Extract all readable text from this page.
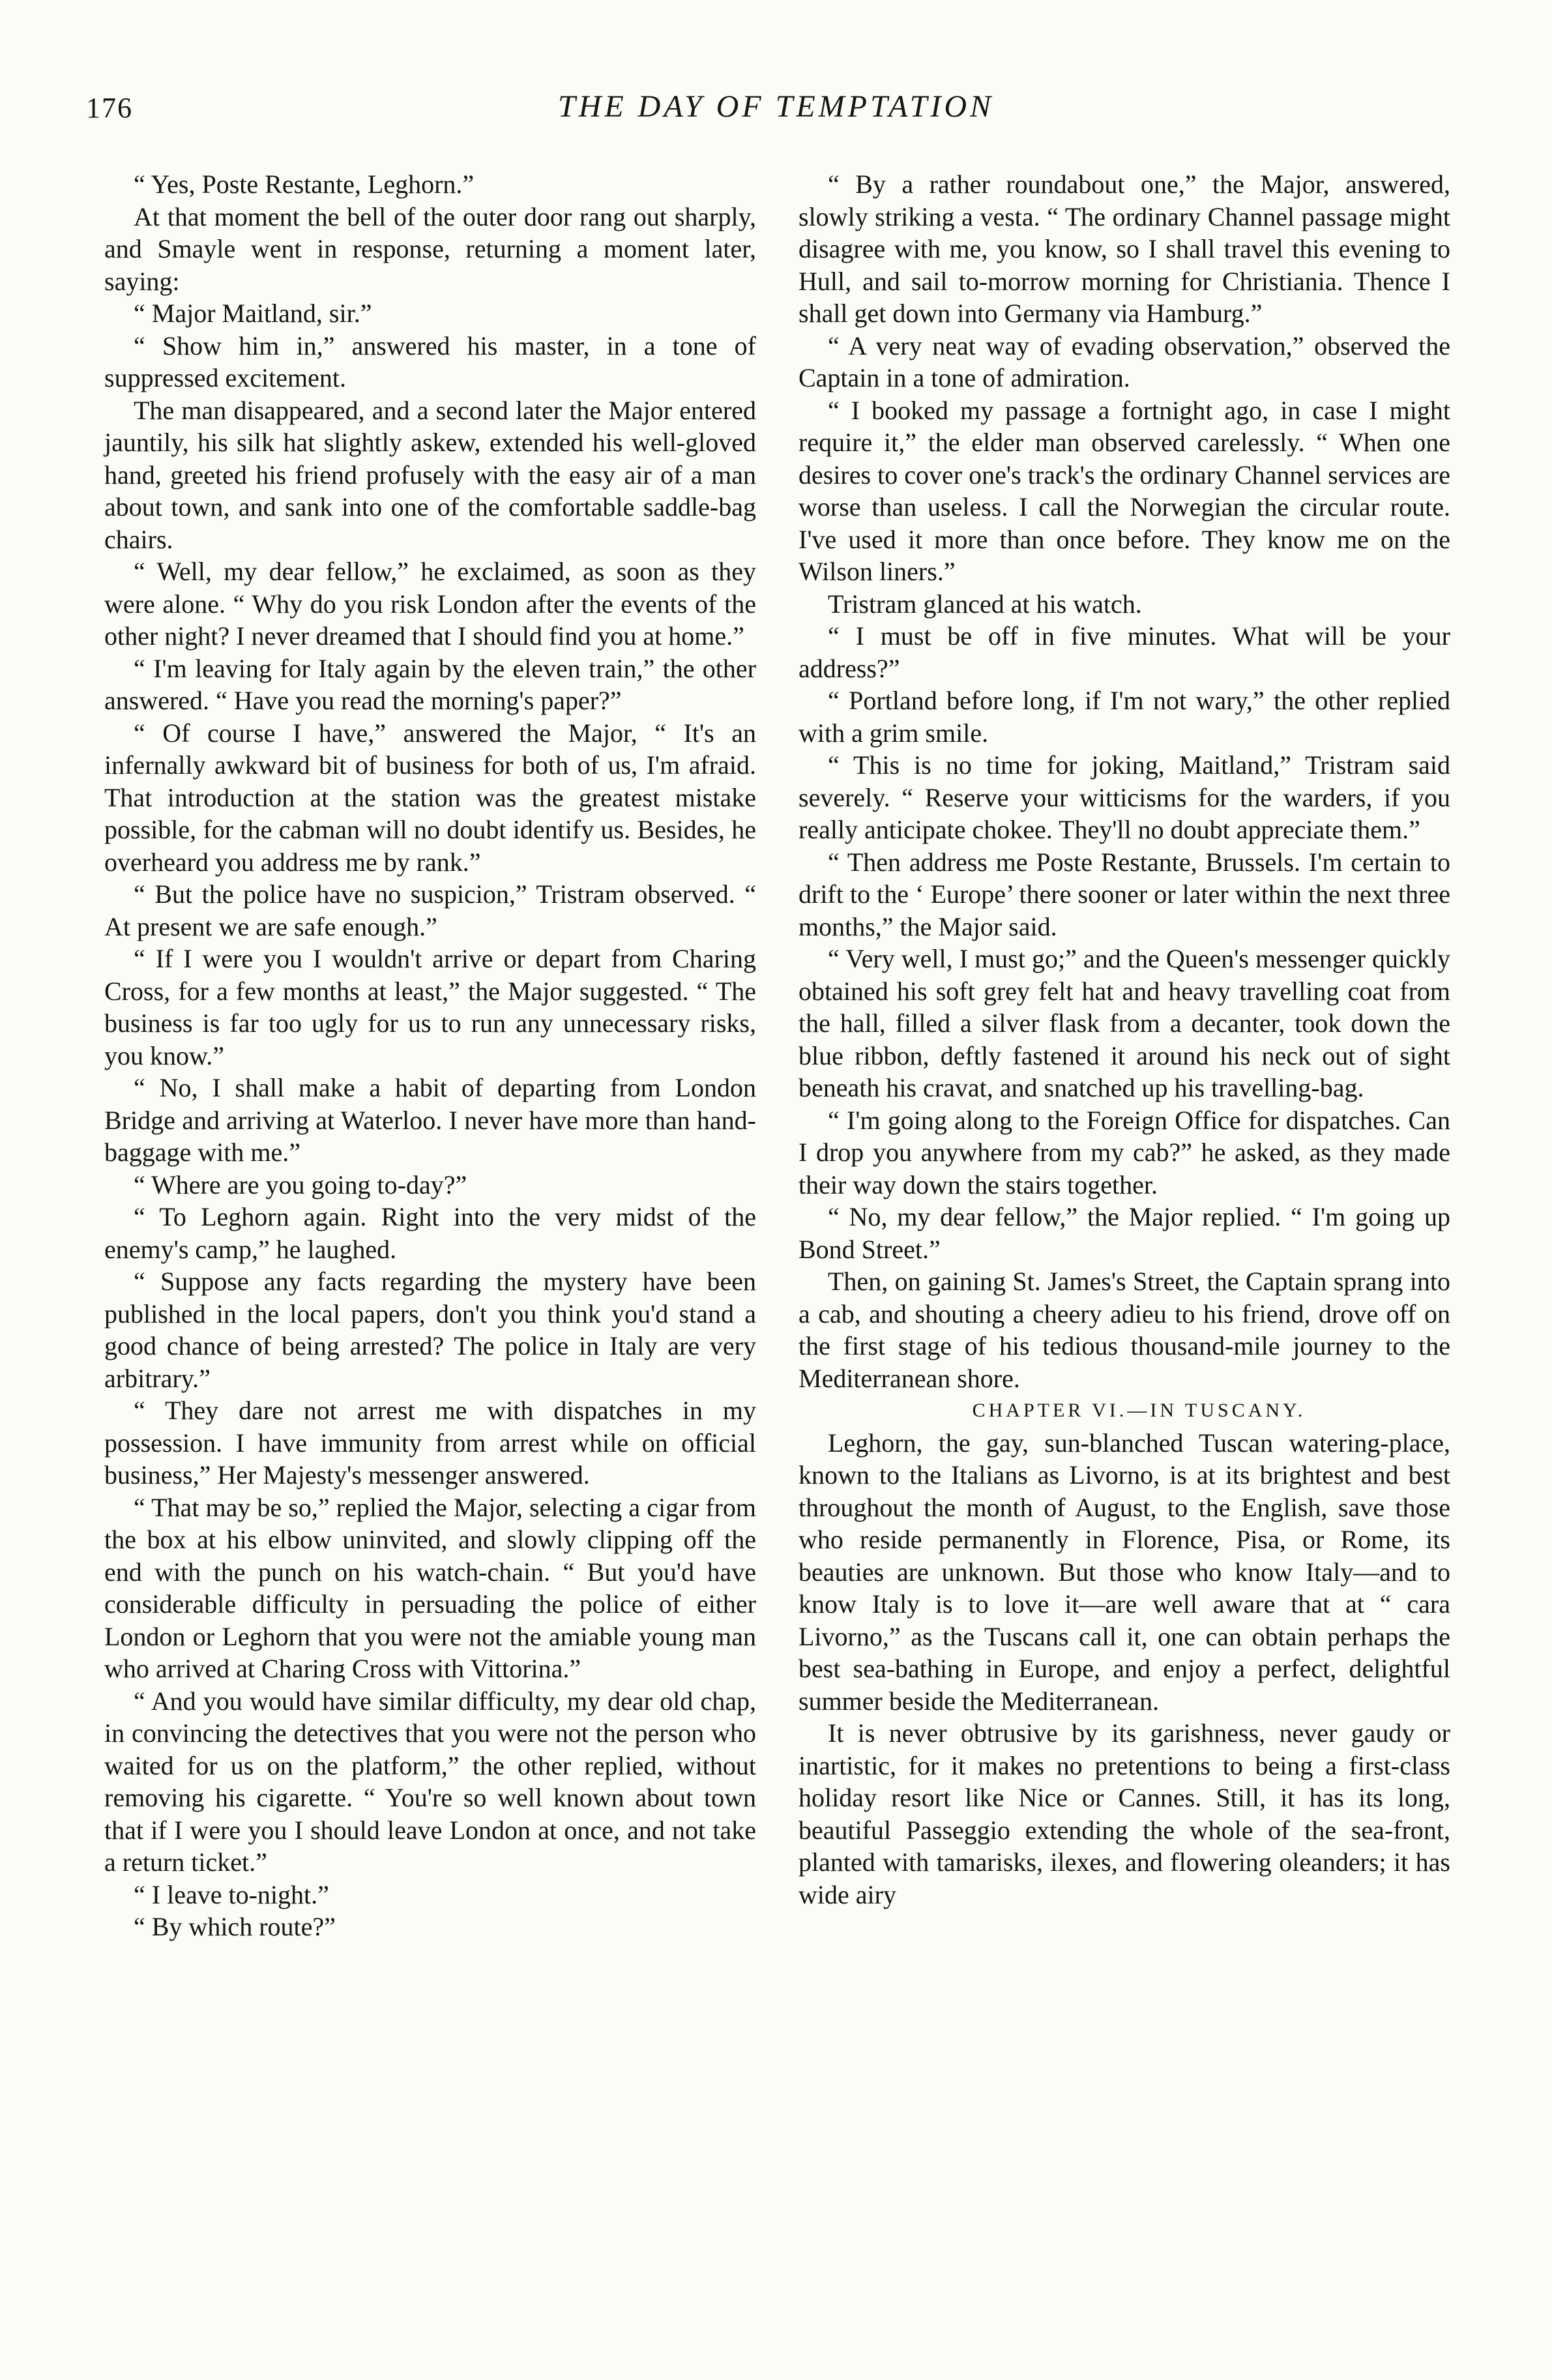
176	THE DAY OF TEMPTATION

“ Yes, Poste Restante, Leghorn.”

At that moment the bell of the outer door rang out sharply, and Smayle went in response, returning a moment later, saying:

“ Major Maitland, sir.”

“ Show him in,” answered his master, in a tone of suppressed excitement.

The man disappeared, and a second later the Major entered jauntily, his silk hat slightly askew, extended his well-gloved hand, greeted his friend profusely with the easy air of a man about town, and sank into one of the comfortable saddle-bag chairs.

“ Well, my dear fellow,” he exclaimed, as soon as they were alone. “ Why do you risk London after the events of the other night? I never dreamed that I should find you at home.”

“ I'm leaving for Italy again by the eleven train,” the other answered. “ Have you read the morning's paper?”

“ Of course I have,” answered the Major, “ It's an infernally awkward bit of business for both of us, I'm afraid. That introduction at the station was the greatest mistake possible, for the cabman will no doubt identify us. Besides, he overheard you address me by rank.”

“ But the police have no suspicion,” Tristram observed. “ At present we are safe enough.”

“ If I were you I wouldn't arrive or depart from Charing Cross, for a few months at least,” the Major suggested. “ The business is far too ugly for us to run any unnecessary risks, you know.”

“ No, I shall make a habit of departing from London Bridge and arriving at Waterloo. I never have more than hand-baggage with me.”

“ Where are you going to-day?”

“ To Leghorn again. Right into the very midst of the enemy's camp,” he laughed.

“ Suppose any facts regarding the mystery have been published in the local papers, don't you think you'd stand a good chance of being arrested? The police in Italy are very arbitrary.”

“ They dare not arrest me with dispatches in my possession. I have immunity from arrest while on official business,” Her Majesty's messenger answered.

“ That may be so,” replied the Major, selecting a cigar from the box at his elbow uninvited, and slowly clipping off the end with the punch on his watch-chain. “ But you'd have considerable difficulty in persuading the police of either London or Leghorn that you were not the amiable young man who arrived at Charing Cross with Vittorina.”

“ And you would have similar difficulty, my dear old chap, in convincing the detectives that you were not the person who waited for us on the platform,” the other replied, without removing his cigarette. “ You're so well known about town that if I were you I should leave London at once, and not take a return ticket.”

“ I leave to-night.”

“ By which route?”

“ By a rather roundabout one,” the Major, answered, slowly striking a vesta. “ The ordinary Channel passage might disagree with me, you know, so I shall travel this evening to Hull, and sail to-morrow morning for Christiania. Thence I shall get down into Germany via Hamburg.”

“ A very neat way of evading observation,” observed the Captain in a tone of admiration.

“ I booked my passage a fortnight ago, in case I might require it,” the elder man observed carelessly. “ When one desires to cover one's track's the ordinary Channel services are worse than useless. I call the Norwegian the circular route. I've used it more than once before. They know me on the Wilson liners.”

Tristram glanced at his watch.

“ I must be off in five minutes. What will be your address?”

“ Portland before long, if I'm not wary,” the other replied with a grim smile.

“ This is no time for joking, Maitland,” Tristram said severely. “ Reserve your witticisms for the warders, if you really anticipate chokee. They'll no doubt appreciate them.”

“ Then address me Poste Restante, Brussels. I'm certain to drift to the ‘ Europe’ there sooner or later within the next three months,” the Major said.

“ Very well, I must go;” and the Queen's messenger quickly obtained his soft grey felt hat and heavy travelling coat from the hall, filled a silver flask from a decanter, took down the blue ribbon, deftly fastened it around his neck out of sight beneath his cravat, and snatched up his travelling-bag.

“ I'm going along to the Foreign Office for dispatches. Can I drop you anywhere from my cab?” he asked, as they made their way down the stairs together.

“ No, my dear fellow,” the Major replied. “ I'm going up Bond Street.”

Then, on gaining St. James's Street, the Captain sprang into a cab, and shouting a cheery adieu to his friend, drove off on the first stage of his tedious thousand-mile journey to the Mediterranean shore.

CHAPTER VI.—IN TUSCANY.

Leghorn, the gay, sun-blanched Tuscan watering-place, known to the Italians as Livorno, is at its brightest and best throughout the month of August, to the English, save those who reside permanently in Florence, Pisa, or Rome, its beauties are unknown. But those who know Italy—and to know Italy is to love it—are well aware that at “ cara Livorno,” as the Tuscans call it, one can obtain perhaps the best sea-bathing in Europe, and enjoy a perfect, delightful summer beside the Mediterranean.

It is never obtrusive by its garishness, never gaudy or inartistic, for it makes no pretentions to being a first-class holiday resort like Nice or Cannes. Still, it has its long, beautiful Passeggio extending the whole of the sea-front, planted with tamarisks, ilexes, and flowering oleanders; it has wide airy
